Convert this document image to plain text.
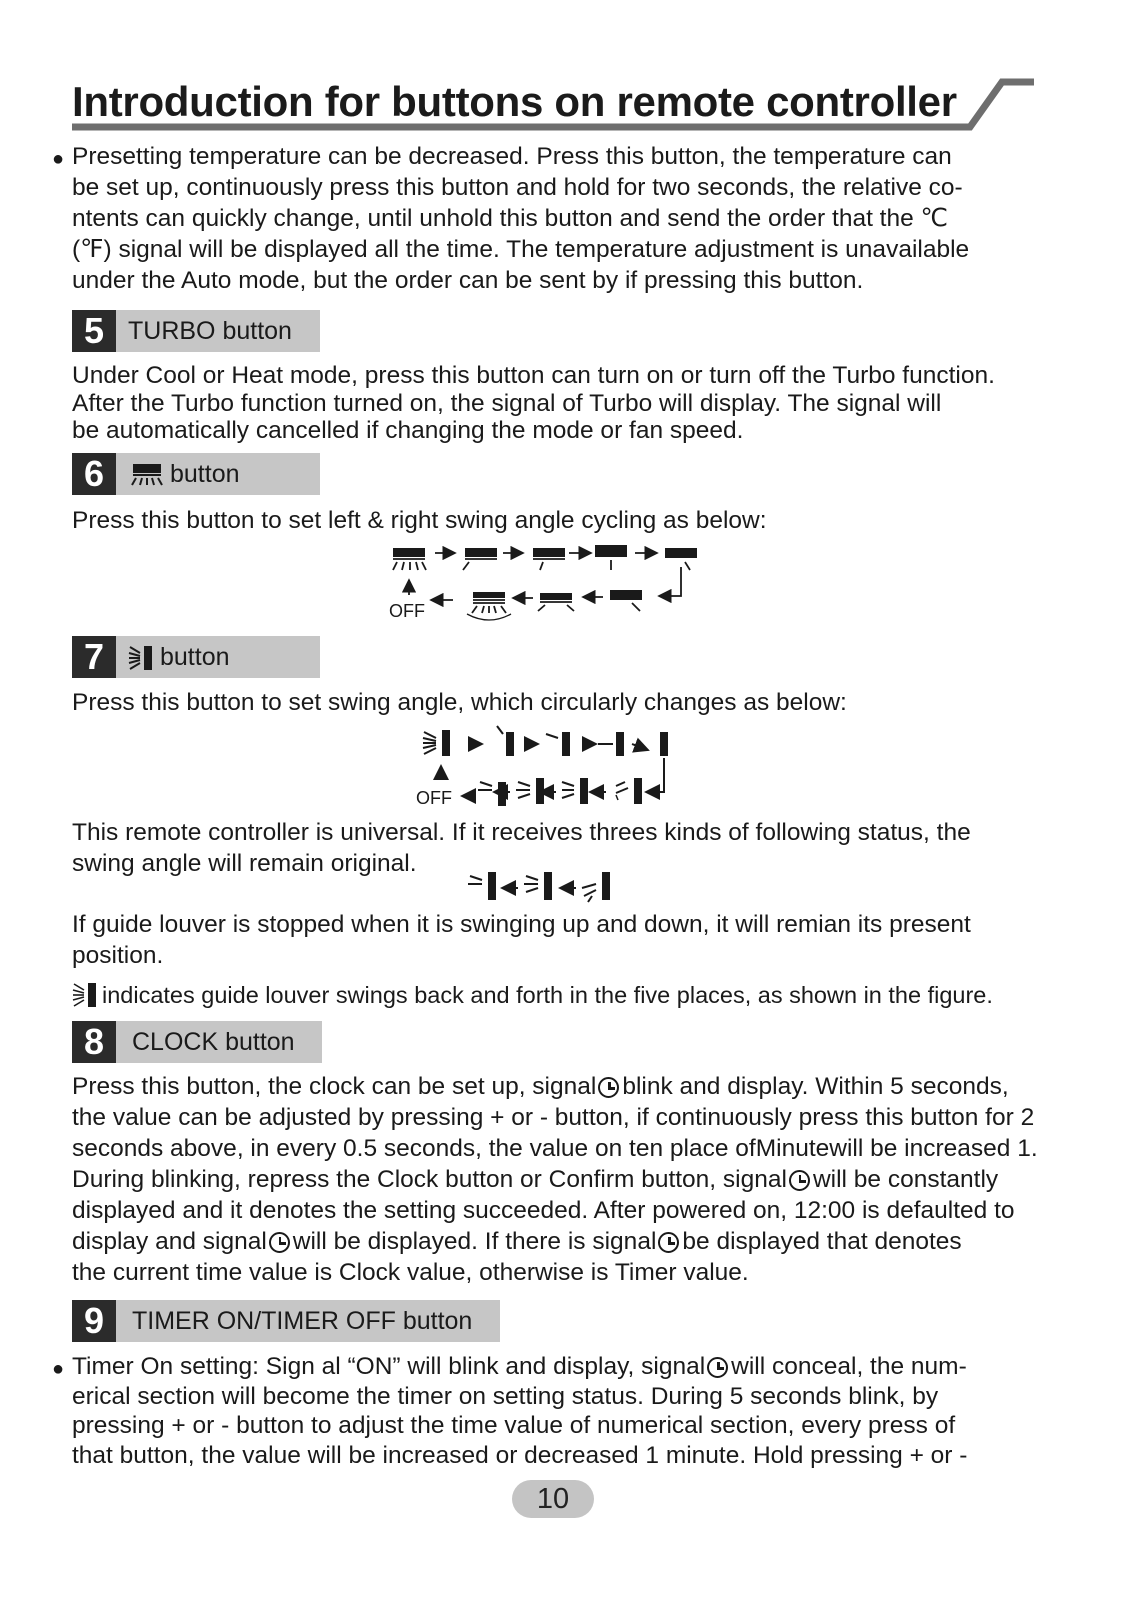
Introduction for buttons on remote controller
● Presetting temperature can be decreased. Press this button, the temperature can
be set up, continuously press this button and hold for two seconds, the relative co-
ntents can quickly change, until unhold this button and send the order that the ℃
(℉) signal will be displayed all the time. The temperature adjustment is unavailable
under the Auto mode, but the order can be sent by if pressing this button.
5 TURBO button
Under Cool or Heat mode, press this button can turn on or turn off the Turbo function.
After the Turbo function turned on, the signal of Turbo will display. The signal will
be automatically cancelled if changing the mode or fan speed.
6	button
Press this button to set left & right swing angle cycling as below:
OFF
7	button
Press this button to set swing angle, which circularly changes as below:
OFF
This remote controller is universal. If it receives threes kinds of following status, the
swing angle will remain original.
If guide louver is stopped when it is swinging up and down, it will remian its present
position.
indicates guide louver swings back and forth in the five places, as shown in the figure.
8	CLOCK button
Press this button, the clock can be set up, signal blink and display. Within 5 seconds,
the value can be adjusted by pressing + or - button, if continuously press this button for 2
seconds above, in every 0.5 seconds, the value on ten place ofMinutewill be increased 1.
During blinking, repress the Clock button or Confirm button, signal will be constantly
displayed and it denotes the setting succeeded. After powered on, 12:00 is defaulted to
display and signal will be displayed. If there is signal be displayed that denotes
the current time value is Clock value, otherwise is Timer value.
9	TIMER ON/TIMER OFF button
● Timer On setting: Sign al “ON” will blink and display, signal will conceal, the num-
erical section will become the timer on setting status. During 5 seconds blink, by
pressing + or - button to adjust the time value of numerical section, every press of
that button, the value will be increased or decreased 1 minute. Hold pressing + or -
10
